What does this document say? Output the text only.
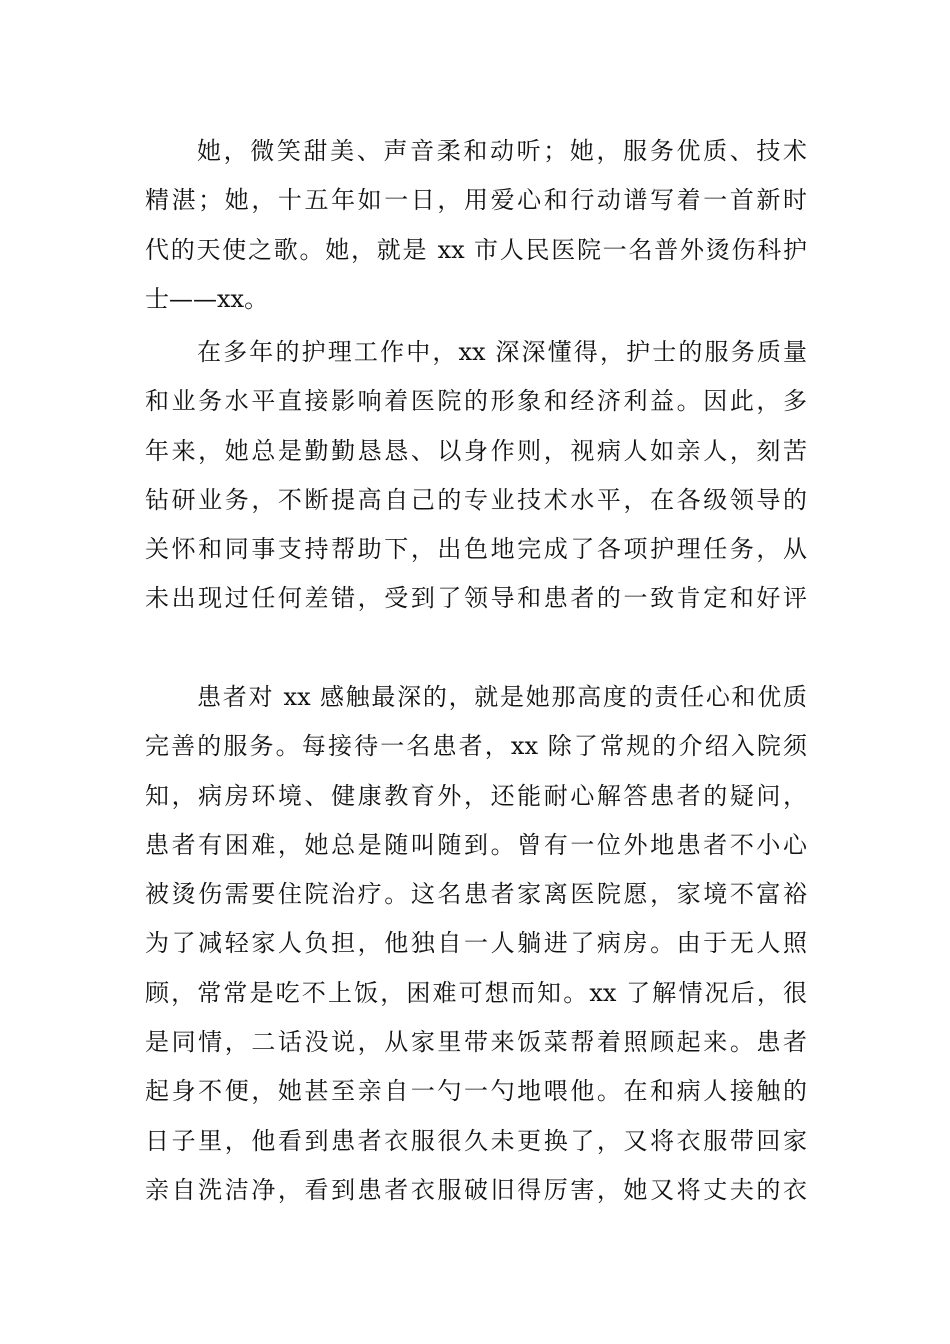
她，微笑甜美、声音柔和动听；她，服务优质、技术
精湛；她，十五年如一日，用爱心和行动谱写着一首新时
代的天使之歌。她，就是 xx 市人民医院一名普外烫伤科护
士——xx。

在多年的护理工作中，xx 深深懂得，护士的服务质量
和业务水平直接影响着医院的形象和经济利益。因此，多
年来，她总是勤勤恳恳、以身作则，视病人如亲人，刻苦
钻研业务，不断提高自己的专业技术水平，在各级领导的
关怀和同事支持帮助下，出色地完成了各项护理任务，从
未出现过任何差错，受到了领导和患者的一致肯定和好评

患者对 xx 感触最深的，就是她那高度的责任心和优质
完善的服务。每接待一名患者，xx 除了常规的介绍入院须
知，病房环境、健康教育外，还能耐心解答患者的疑问，
患者有困难，她总是随叫随到。曾有一位外地患者不小心
被烫伤需要住院治疗。这名患者家离医院愿，家境不富裕
为了减轻家人负担，他独自一人躺进了病房。由于无人照
顾，常常是吃不上饭，困难可想而知。xx 了解情况后，很
是同情，二话没说，从家里带来饭菜帮着照顾起来。患者
起身不便，她甚至亲自一勺一勺地喂他。在和病人接触的
日子里，他看到患者衣服很久未更换了，又将衣服带回家
亲自洗洁净，看到患者衣服破旧得厉害，她又将丈夫的衣
